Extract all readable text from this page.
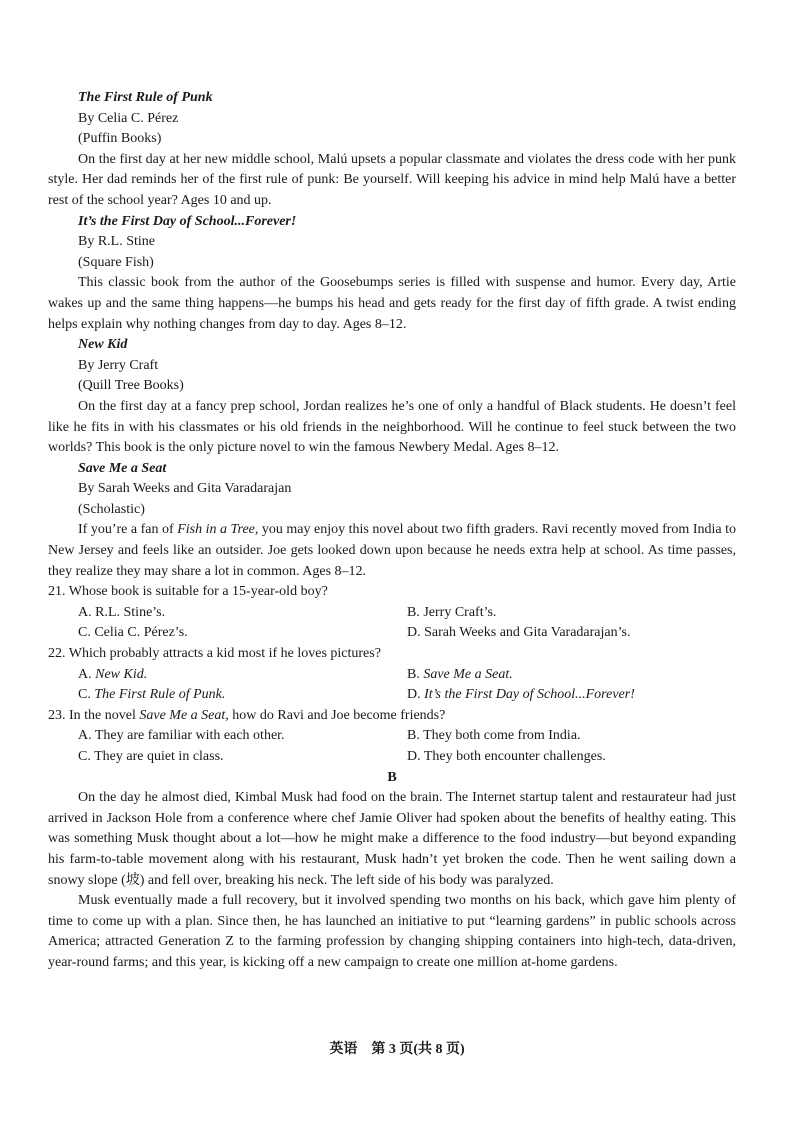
The First Rule of Punk
By Celia C. Pérez
(Puffin Books)
On the first day at her new middle school, Malú upsets a popular classmate and violates the dress code with her punk style. Her dad reminds her of the first rule of punk: Be yourself. Will keeping his advice in mind help Malú have a better rest of the school year? Ages 10 and up.
It’s the First Day of School...Forever!
By R.L. Stine
(Square Fish)
This classic book from the author of the Goosebumps series is filled with suspense and humor. Every day, Artie wakes up and the same thing happens—he bumps his head and gets ready for the first day of fifth grade. A twist ending helps explain why nothing changes from day to day. Ages 8–12.
New Kid
By Jerry Craft
(Quill Tree Books)
On the first day at a fancy prep school, Jordan realizes he’s one of only a handful of Black students. He doesn’t feel like he fits in with his classmates or his old friends in the neighborhood. Will he continue to feel stuck between the two worlds? This book is the only picture novel to win the famous Newbery Medal. Ages 8–12.
Save Me a Seat
By Sarah Weeks and Gita Varadarajan
(Scholastic)
If you’re a fan of Fish in a Tree, you may enjoy this novel about two fifth graders. Ravi recently moved from India to New Jersey and feels like an outsider. Joe gets looked down upon because he needs extra help at school. As time passes, they realize they may share a lot in common. Ages 8–12.
21. Whose book is suitable for a 15-year-old boy?
A. R.L. Stine’s.	B. Jerry Craft’s.
C. Celia C. Pérez’s.	D. Sarah Weeks and Gita Varadarajan’s.
22. Which probably attracts a kid most if he loves pictures?
A. New Kid.	B. Save Me a Seat.
C. The First Rule of Punk.	D. It’s the First Day of School...Forever!
23. In the novel Save Me a Seat, how do Ravi and Joe become friends?
A. They are familiar with each other.	B. They both come from India.
C. They are quiet in class.	D. They both encounter challenges.
B
On the day he almost died, Kimbal Musk had food on the brain. The Internet startup talent and restaurateur had just arrived in Jackson Hole from a conference where chef Jamie Oliver had spoken about the benefits of healthy eating. This was something Musk thought about a lot—how he might make a difference to the food industry—but beyond expanding his farm-to-table movement along with his restaurant, Musk hadn’t yet broken the code. Then he went sailing down a snowy slope (坡) and fell over, breaking his neck. The left side of his body was paralyzed.
Musk eventually made a full recovery, but it involved spending two months on his back, which gave him plenty of time to come up with a plan. Since then, he has launched an initiative to put “learning gardens” in public schools across America; attracted Generation Z to the farming profession by changing shipping containers into high-tech, data-driven, year-round farms; and this year, is kicking off a new campaign to create one million at-home gardens.
英语　第 3 页(共 8 页)
